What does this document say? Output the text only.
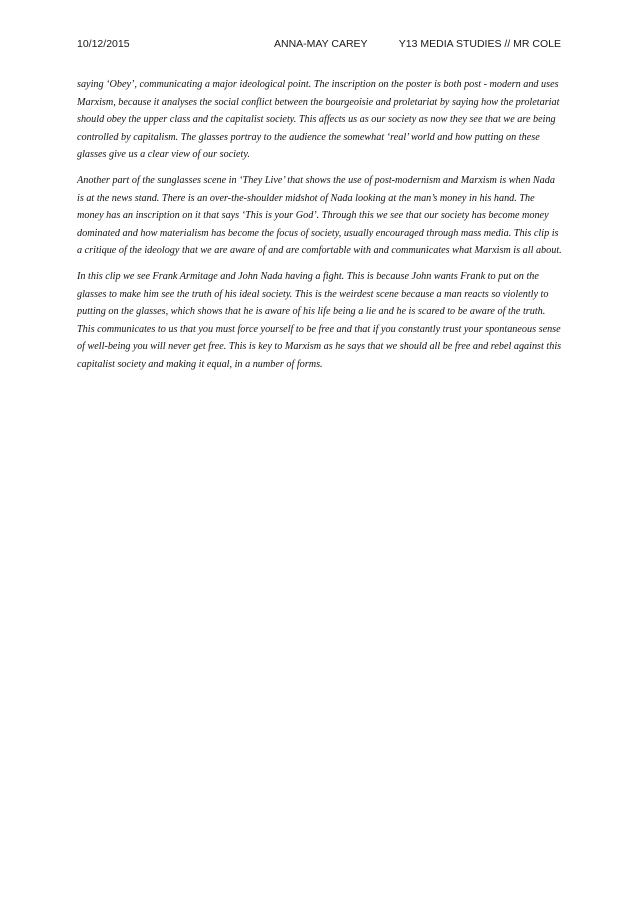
10/12/2015	ANNA-MAY CAREY	Y13 MEDIA STUDIES // MR COLE

saying ‘Obey’, communicating a major ideological point. The inscription on the poster is both post - modern and uses Marxism, because it analyses the social conflict between the bourgeoisie and proletariat by saying how the proletariat should obey the upper class and the capitalist society. This affects us as our society as now they see that we are being controlled by capitalism. The glasses portray to the audience the somewhat ‘real’ world and how putting on these glasses give us a clear view of our society.

Another part of the sunglasses scene in ‘They Live’ that shows the use of post-modernism and Marxism is when Nada is at the news stand. There is an over-the-shoulder midshot of Nada looking at the man’s money in his hand. The money has an inscription on it that says ‘This is your God’. Through this we see that our society has become money dominated and how materialism has become the focus of society, usually encouraged through mass media. This clip is a critique of the ideology that we are aware of and are comfortable with and communicates what Marxism is all about.

In this clip we see Frank Armitage and John Nada having a fight. This is because John wants Frank to put on the glasses to make him see the truth of his ideal society. This is the weirdest scene because a man reacts so violently to putting on the glasses, which shows that he is aware of his life being a lie and he is scared to be aware of the truth. This communicates to us that you must force yourself to be free and that if you constantly trust your spontaneous sense of well-being you will never get free. This is key to Marxism as he says that we should all be free and rebel against this capitalist society and making it equal, in a number of forms.
